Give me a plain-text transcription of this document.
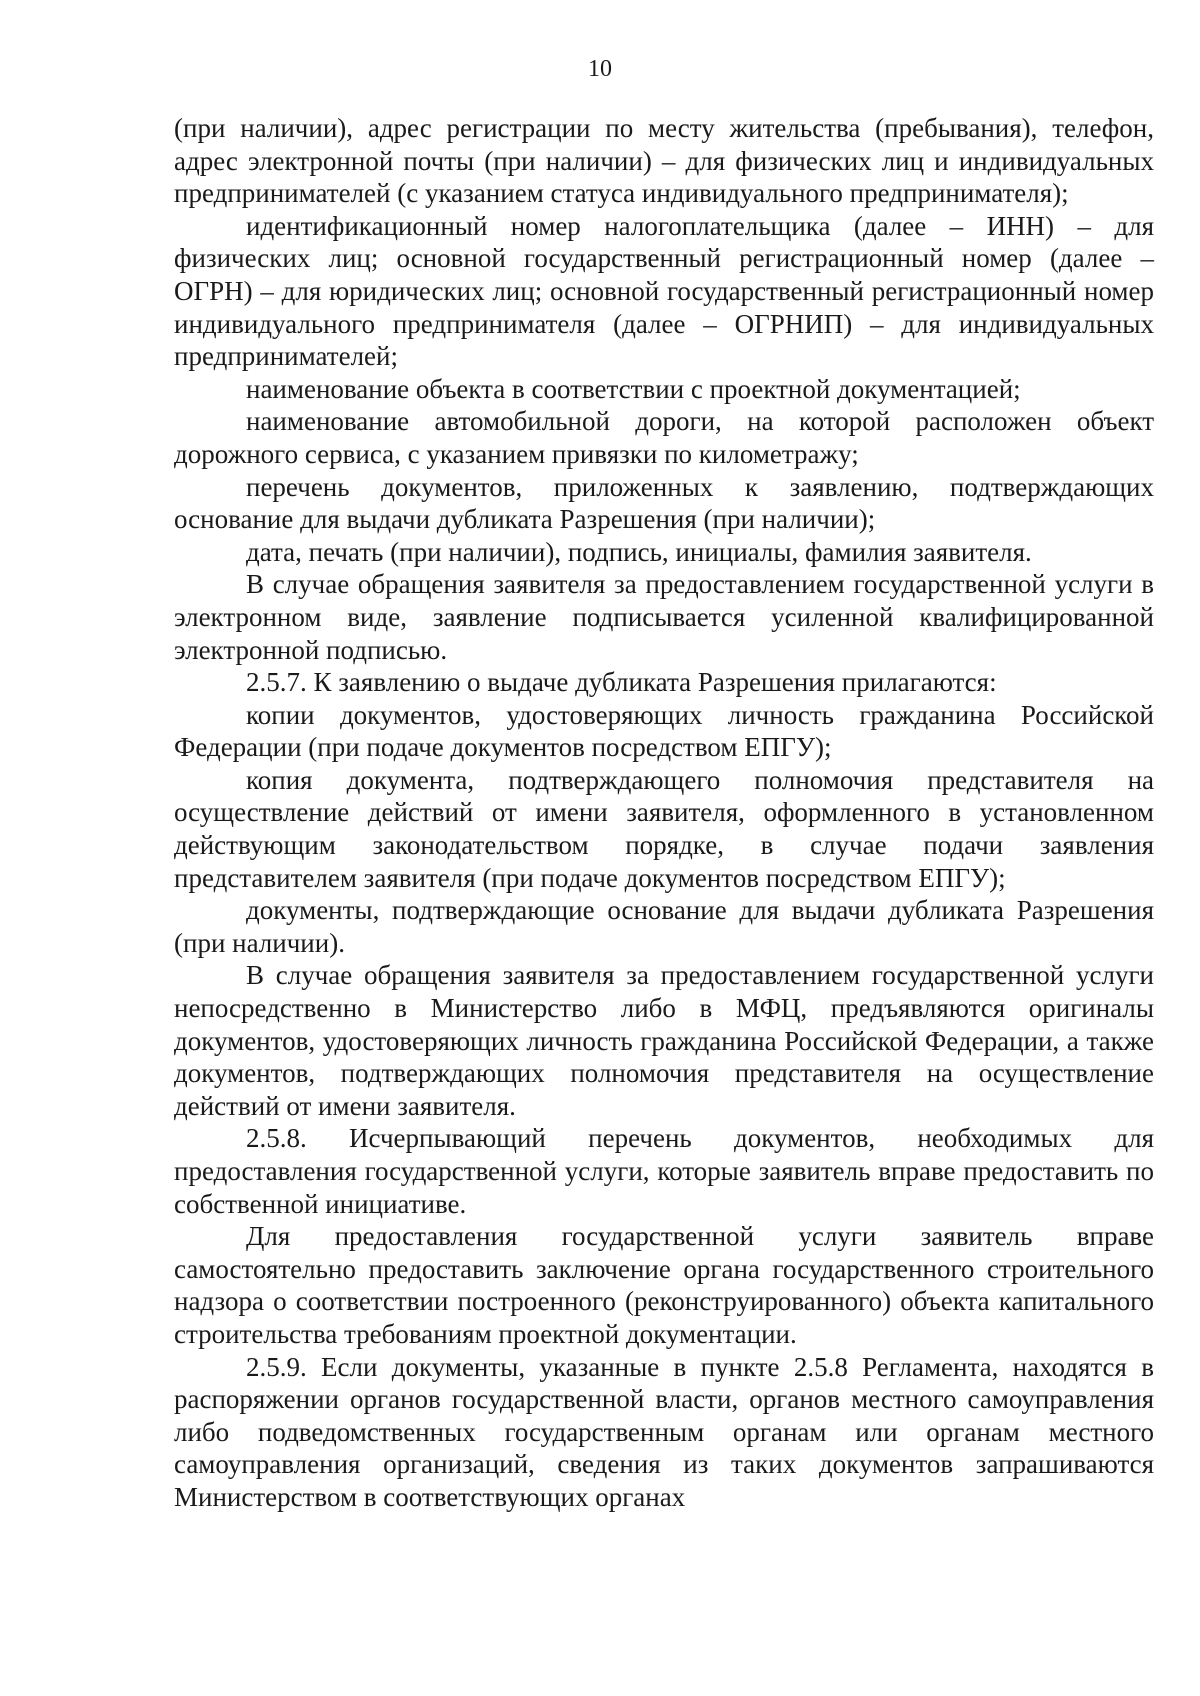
10

(при наличии), адрес регистрации по месту жительства (пребывания), телефон, адрес электронной почты (при наличии) – для физических лиц и индивидуальных предпринимателей (с указанием статуса индивидуального предпринимателя);

идентификационный номер налогоплательщика (далее – ИНН) – для физических лиц; основной государственный регистрационный номер (далее – ОГРН) – для юридических лиц; основной государственный регистрационный номер индивидуального предпринимателя (далее – ОГРНИП) – для индивидуальных предпринимателей;

наименование объекта в соответствии с проектной документацией;

наименование автомобильной дороги, на которой расположен объект дорожного сервиса, с указанием привязки по километражу;

перечень документов, приложенных к заявлению, подтверждающих основание для выдачи дубликата Разрешения (при наличии);

дата, печать (при наличии), подпись, инициалы, фамилия заявителя.

В случае обращения заявителя за предоставлением государственной услуги в электронном виде, заявление подписывается усиленной квалифицированной электронной подписью.

2.5.7. К заявлению о выдаче дубликата Разрешения прилагаются:

копии документов, удостоверяющих личность гражданина Российской Федерации (при подаче документов посредством ЕПГУ);

копия документа, подтверждающего полномочия представителя на осуществление действий от имени заявителя, оформленного в установленном действующим законодательством порядке, в случае подачи заявления представителем заявителя (при подаче документов посредством ЕПГУ);

документы, подтверждающие основание для выдачи дубликата Разрешения (при наличии).

В случае обращения заявителя за предоставлением государственной услуги непосредственно в Министерство либо в МФЦ, предъявляются оригиналы документов, удостоверяющих личность гражданина Российской Федерации, а также документов, подтверждающих полномочия представителя на осуществление действий от имени заявителя.

2.5.8. Исчерпывающий перечень документов, необходимых для предоставления государственной услуги, которые заявитель вправе предоставить по собственной инициативе.

Для предоставления государственной услуги заявитель вправе самостоятельно предоставить заключение органа государственного строительного надзора о соответствии построенного (реконструированного) объекта капитального строительства требованиям проектной документации.

2.5.9. Если документы, указанные в пункте 2.5.8 Регламента, находятся в распоряжении органов государственной власти, органов местного самоуправления либо подведомственных государственным органам или органам местного самоуправления организаций, сведения из таких документов запрашиваются Министерством в соответствующих органах
